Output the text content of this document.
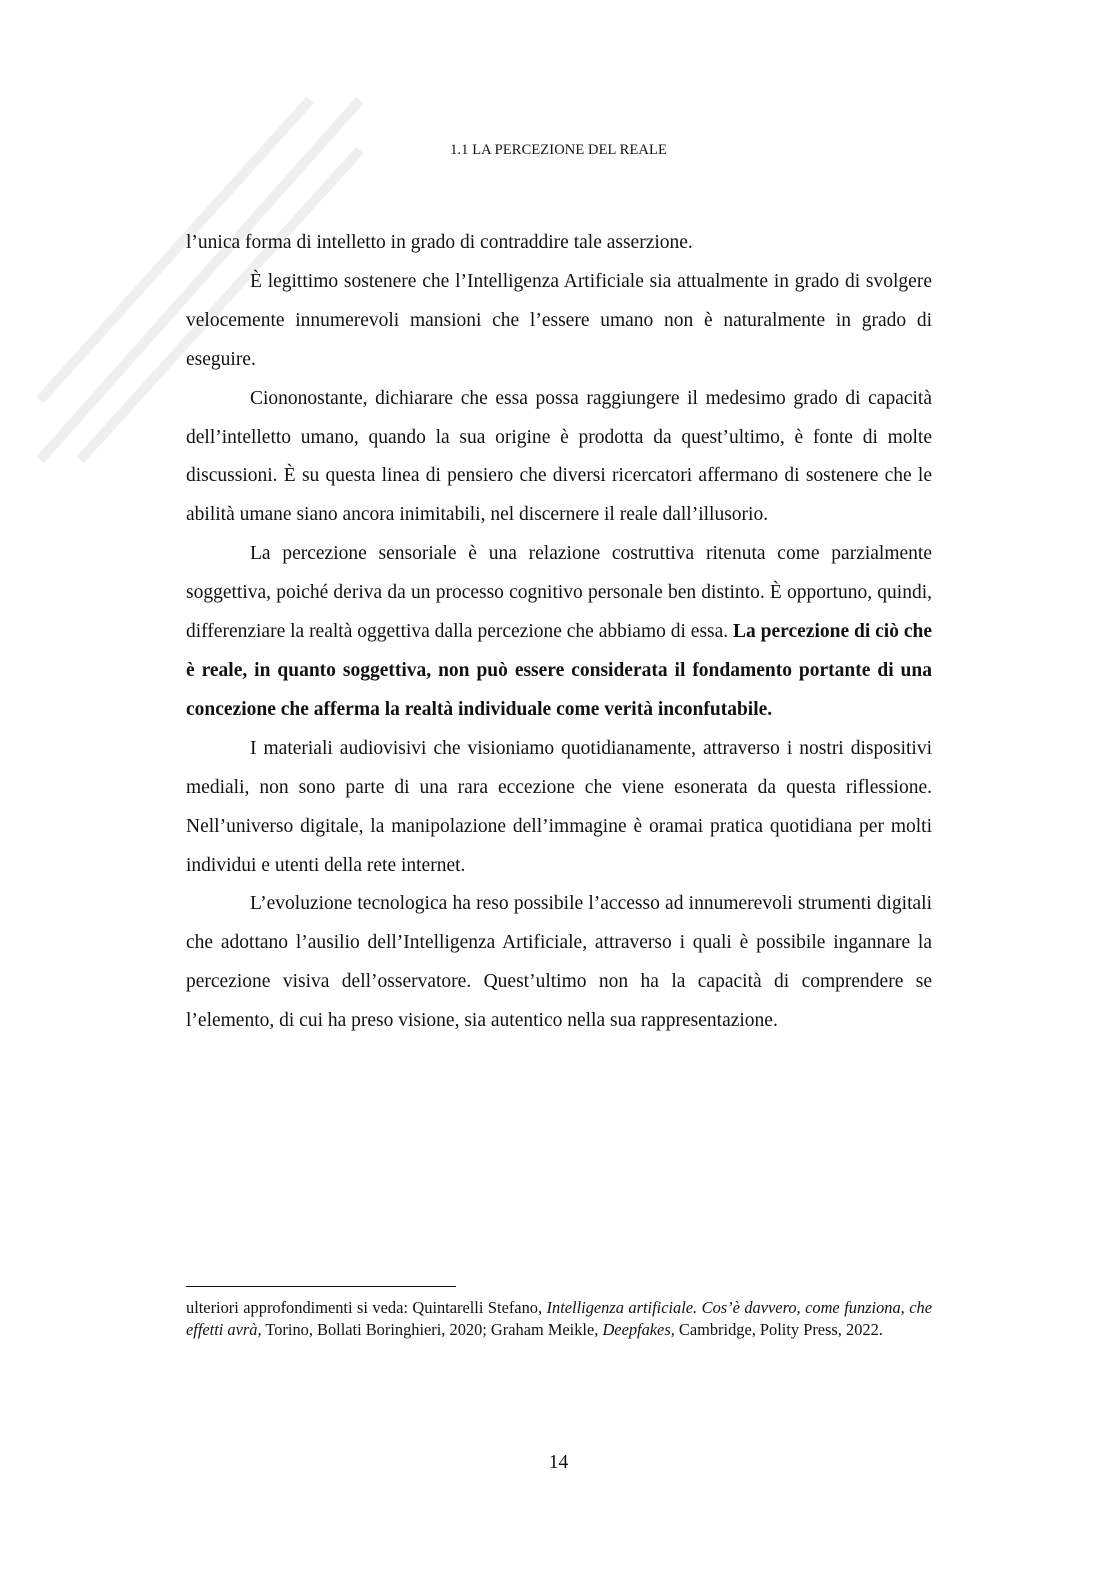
1.1 LA PERCEZIONE DEL REALE

l’unica forma di intelletto in grado di contraddire tale asserzione.

È legittimo sostenere che l’Intelligenza Artificiale sia attualmente in grado di svolgere velocemente innumerevoli mansioni che l’essere umano non è naturalmente in grado di eseguire.

Ciononostante, dichiarare che essa possa raggiungere il medesimo grado di capacità dell’intelletto umano, quando la sua origine è prodotta da quest’ultimo, è fonte di molte discussioni. È su questa linea di pensiero che diversi ricercatori affermano di sostenere che le abilità umane siano ancora inimitabili, nel discernere il reale dall’illusorio.

La percezione sensoriale è una relazione costruttiva ritenuta come parzialmente soggettiva, poiché deriva da un processo cognitivo personale ben distinto. È opportuno, quindi, differenziare la realtà oggettiva dalla percezione che abbiamo di essa. La percezione di ciò che è reale, in quanto soggettiva, non può essere considerata il fondamento portante di una concezione che afferma la realtà individuale come verità inconfutabile.

I materiali audiovisivi che visioniamo quotidianamente, attraverso i nostri dispositivi mediali, non sono parte di una rara eccezione che viene esonerata da questa riflessione. Nell’universo digitale, la manipolazione dell’immagine è oramai pratica quotidiana per molti individui e utenti della rete internet.

L’evoluzione tecnologica ha reso possibile l’accesso ad innumerevoli strumenti digitali che adottano l’ausilio dell’Intelligenza Artificiale, attraverso i quali è possibile ingannare la percezione visiva dell’osservatore. Quest’ultimo non ha la capacità di comprendere se l’elemento, di cui ha preso visione, sia autentico nella sua rappresentazione.

ulteriori approfondimenti si veda: Quintarelli Stefano, Intelligenza artificiale. Cos’è davvero, come funziona, che effetti avrà, Torino, Bollati Boringhieri, 2020; Graham Meikle, Deepfakes, Cambridge, Polity Press, 2022.
14
